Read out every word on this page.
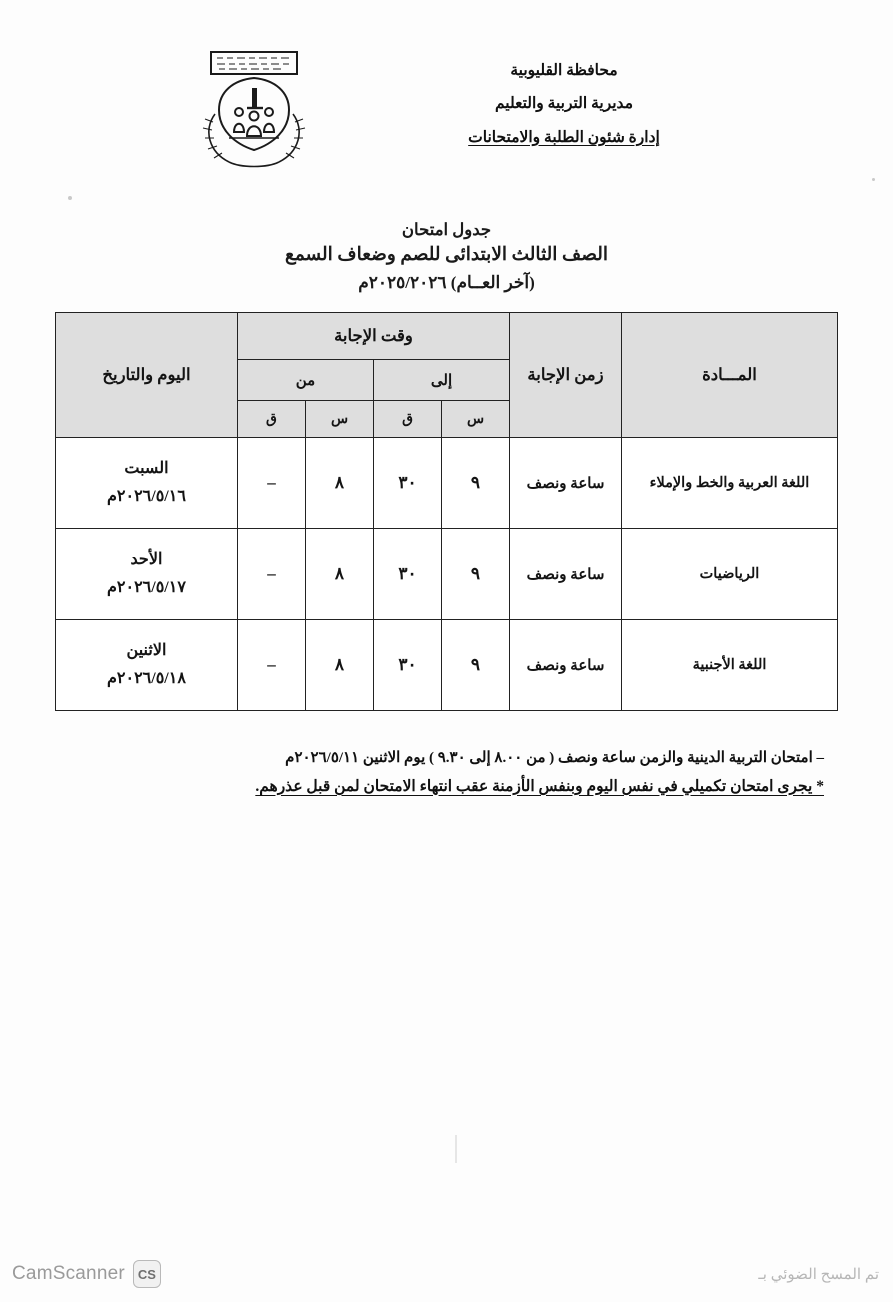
محافظة القليوبية
مديرية التربية والتعليم
إدارة شئون الطلبة والامتحانات
جدول امتحان
الصف الثالث الابتدائى للصم وضعاف السمع
(آخر العــام) ٢٠٢٥/٢٠٢٦م
المـــادة	زمن الإجابة	وقت الإجابة				اليوم والتاريخ
		إلى		من		
		س	ق	س	ق	
اللغة العربية والخط والإملاء	ساعة ونصف	٩	٣٠	٨	–	السبت
٢٠٢٦/٥/١٦م

الرياضيات	ساعة ونصف	٩	٣٠	٨	–	الأحد
٢٠٢٦/٥/١٧م

اللغة الأجنبية	ساعة ونصف	٩	٣٠	٨	–	الاثنين
٢٠٢٦/٥/١٨م
– امتحان التربية الدينية والزمن ساعة ونصف ( من ٨.٠٠ إلى ٩.٣٠ ) يوم الاثنين ٢٠٢٦/٥/١١م
* يجرى امتحان تكميلي في نفس اليوم وبنفس الأزمنة عقب انتهاء الامتحان لمن قبل عذرهم.
CS
CamScanner	تم المسح الضوئي بـ
